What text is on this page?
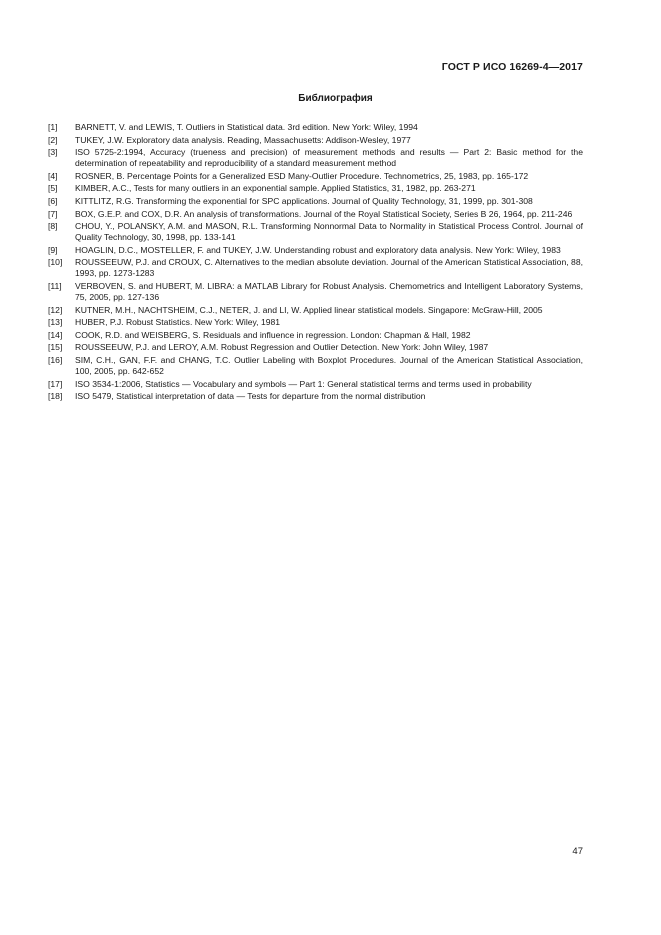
ГОСТ Р ИСО 16269-4—2017
Библиография
[1]	BARNETT, V. and LEWIS, T. Outliers in Statistical data. 3rd edition. New York: Wiley, 1994
[2]	TUKEY, J.W. Exploratory data analysis. Reading, Massachusetts: Addison-Wesley, 1977
[3]	ISO 5725-2:1994, Accuracy (trueness and precision) of measurement methods and results — Part 2: Basic method for the determination of repeatability and reproducibility of a standard measurement method
[4]	ROSNER, B. Percentage Points for a Generalized ESD Many-Outlier Procedure. Technometrics, 25, 1983, pp. 165-172
[5]	KIMBER, A.C., Tests for many outliers in an exponential sample. Applied Statistics, 31, 1982, pp. 263-271
[6]	KITTLITZ, R.G. Transforming the exponential for SPC applications. Journal of Quality Technology, 31, 1999, pp. 301-308
[7]	BOX, G.E.P. and COX, D.R. An analysis of transformations. Journal of the Royal Statistical Society, Series B 26, 1964, pp. 211-246
[8]	CHOU, Y., POLANSKY, A.M. and MASON, R.L. Transforming Nonnormal Data to Normality in Statistical Process Control. Journal of Quality Technology, 30, 1998, pp. 133-141
[9]	HOAGLIN, D.C., MOSTELLER, F. and TUKEY, J.W. Understanding robust and exploratory data analysis. New York: Wiley, 1983
[10]	ROUSSEEUW, P.J. and CROUX, C. Alternatives to the median absolute deviation. Journal of the American Statistical Association, 88, 1993, pp. 1273-1283
[11]	VERBOVEN, S. and HUBERT, M. LIBRA: a MATLAB Library for Robust Analysis. Chemometrics and Intelligent Laboratory Systems, 75, 2005, pp. 127-136
[12]	KUTNER, M.H., NACHTSHEIM, C.J., NETER, J. and LI, W. Applied linear statistical models. Singapore: McGraw-Hill, 2005
[13]	HUBER, P.J. Robust Statistics. New York: Wiley, 1981
[14]	COOK, R.D. and WEISBERG, S. Residuals and influence in regression. London: Chapman & Hall, 1982
[15]	ROUSSEEUW, P.J. and LEROY, A.M. Robust Regression and Outlier Detection. New York: John Wiley, 1987
[16]	SIM, C.H., GAN, F.F. and CHANG, T.C. Outlier Labeling with Boxplot Procedures. Journal of the American Statistical Association, 100, 2005, pp. 642-652
[17]	ISO 3534-1:2006, Statistics — Vocabulary and symbols — Part 1: General statistical terms and terms used in probability
[18]	ISO 5479, Statistical interpretation of data — Tests for departure from the normal distribution
47
